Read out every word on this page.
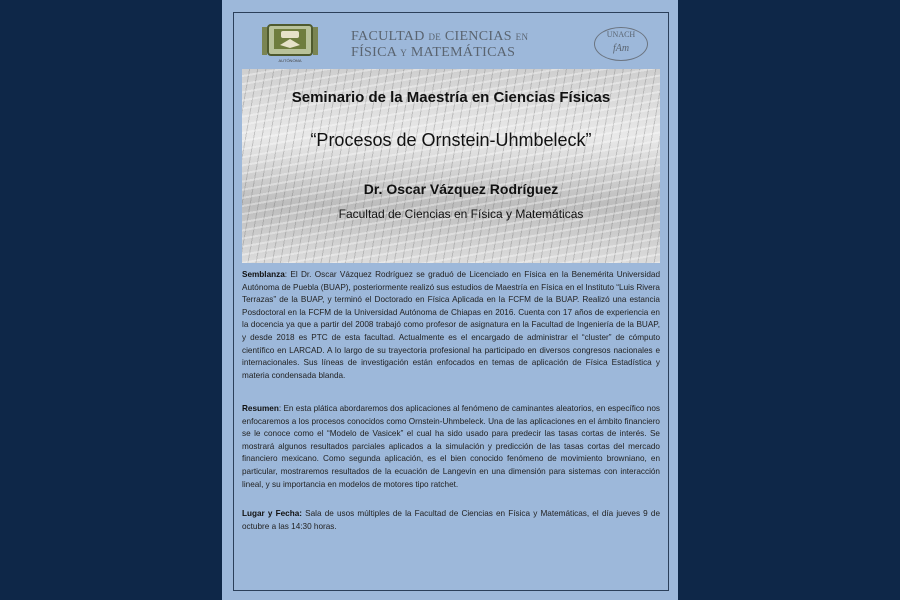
AUTÓNOMA
FACULTAD DE CIENCIAS EN
FÍSICA Y MATEMÁTICAS
UNACH
fAm
Seminario de la Maestría en Ciencias Físicas
“Procesos de Ornstein-Uhmbeleck”
Dr. Oscar Vázquez Rodríguez
Facultad de Ciencias en Física y Matemáticas
Semblanza: El Dr. Oscar Vázquez Rodríguez se graduó de Licenciado en Física en la Benemérita Universidad Autónoma de Puebla (BUAP), posteriormente realizó sus estudios de Maestría en Física en el Instituto “Luis Rivera Terrazas” de la BUAP, y terminó el Doctorado en Física Aplicada en la FCFM de la BUAP. Realizó una estancia Posdoctoral en la FCFM de la Universidad Autónoma de Chiapas en 2016. Cuenta con 17 años de experiencia en la docencia ya que a partir del 2008 trabajó como profesor de asignatura en la Facultad de Ingeniería de la BUAP, y desde 2018 es PTC de esta facultad. Actualmente es el encargado de administrar el “cluster” de cómputo científico en LARCAD. A lo largo de su trayectoria profesional ha participado en diversos congresos nacionales e internacionales. Sus líneas de investigación están enfocados en temas de aplicación de Física Estadística y materia condensada blanda.
Resumen: En esta plática abordaremos dos aplicaciones al fenómeno de caminantes aleatorios, en específico nos enfocaremos a los procesos conocidos como Ornstein-Uhmbeleck. Una de las aplicaciones en el ámbito financiero se le conoce como el “Modelo de Vasicek” el cual ha sido usado para predecir las tasas cortas de interés. Se mostrará algunos resultados parciales aplicados a la simulación y predicción de las tasas cortas del mercado financiero mexicano. Como segunda aplicación, es el bien conocido fenómeno de movimiento browniano, en particular, mostraremos resultados de la ecuación de Langevin en una dimensión para sistemas con interacción lineal, y su importancia en modelos de motores tipo ratchet.
Lugar y Fecha: Sala de usos múltiples de la Facultad de Ciencias en Física y Matemáticas, el día jueves 9 de octubre a las 14:30 horas.
